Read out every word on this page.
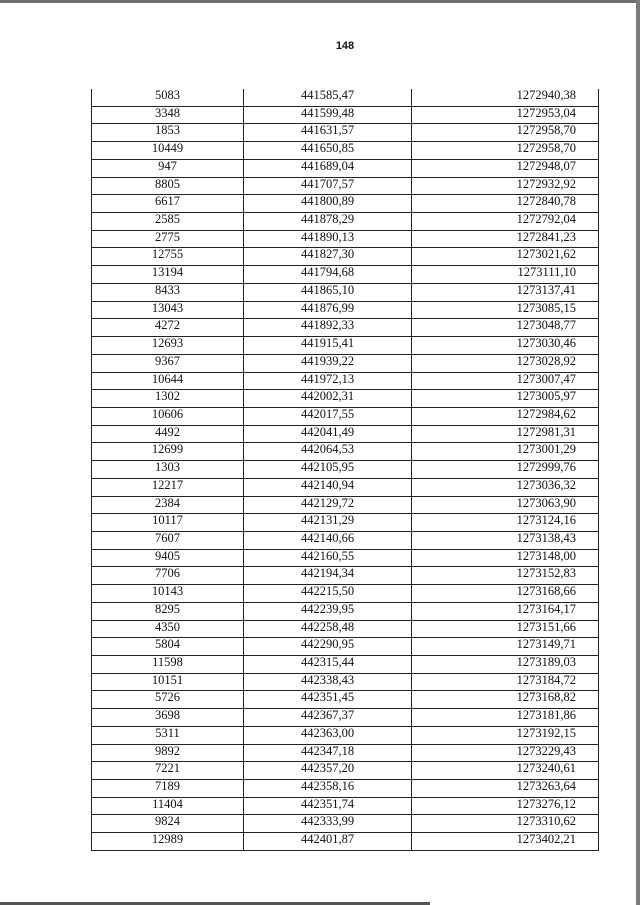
148
5083	441585,47	1272940,38
3348	441599,48	1272953,04
1853	441631,57	1272958,70
10449	441650,85	1272958,70
947	441689,04	1272948,07
8805	441707,57	1272932,92
6617	441800,89	1272840,78
2585	441878,29	1272792,04
2775	441890,13	1272841,23
12755	441827,30	1273021,62
13194	441794,68	1273111,10
8433	441865,10	1273137,41
13043	441876,99	1273085,15
4272	441892,33	1273048,77
12693	441915,41	1273030,46
9367	441939,22	1273028,92
10644	441972,13	1273007,47
1302	442002,31	1273005,97
10606	442017,55	1272984,62
4492	442041,49	1272981,31
12699	442064,53	1273001,29
1303	442105,95	1272999,76
12217	442140,94	1273036,32
2384	442129,72	1273063,90
10117	442131,29	1273124,16
7607	442140,66	1273138,43
9405	442160,55	1273148,00
7706	442194,34	1273152,83
10143	442215,50	1273168,66
8295	442239,95	1273164,17
4350	442258,48	1273151,66
5804	442290,95	1273149,71
11598	442315,44	1273189,03
10151	442338,43	1273184,72
5726	442351,45	1273168,82
3698	442367,37	1273181,86
5311	442363,00	1273192,15
9892	442347,18	1273229,43
7221	442357,20	1273240,61
7189	442358,16	1273263,64
11404	442351,74	1273276,12
9824	442333,99	1273310,62
12989	442401,87	1273402,21
